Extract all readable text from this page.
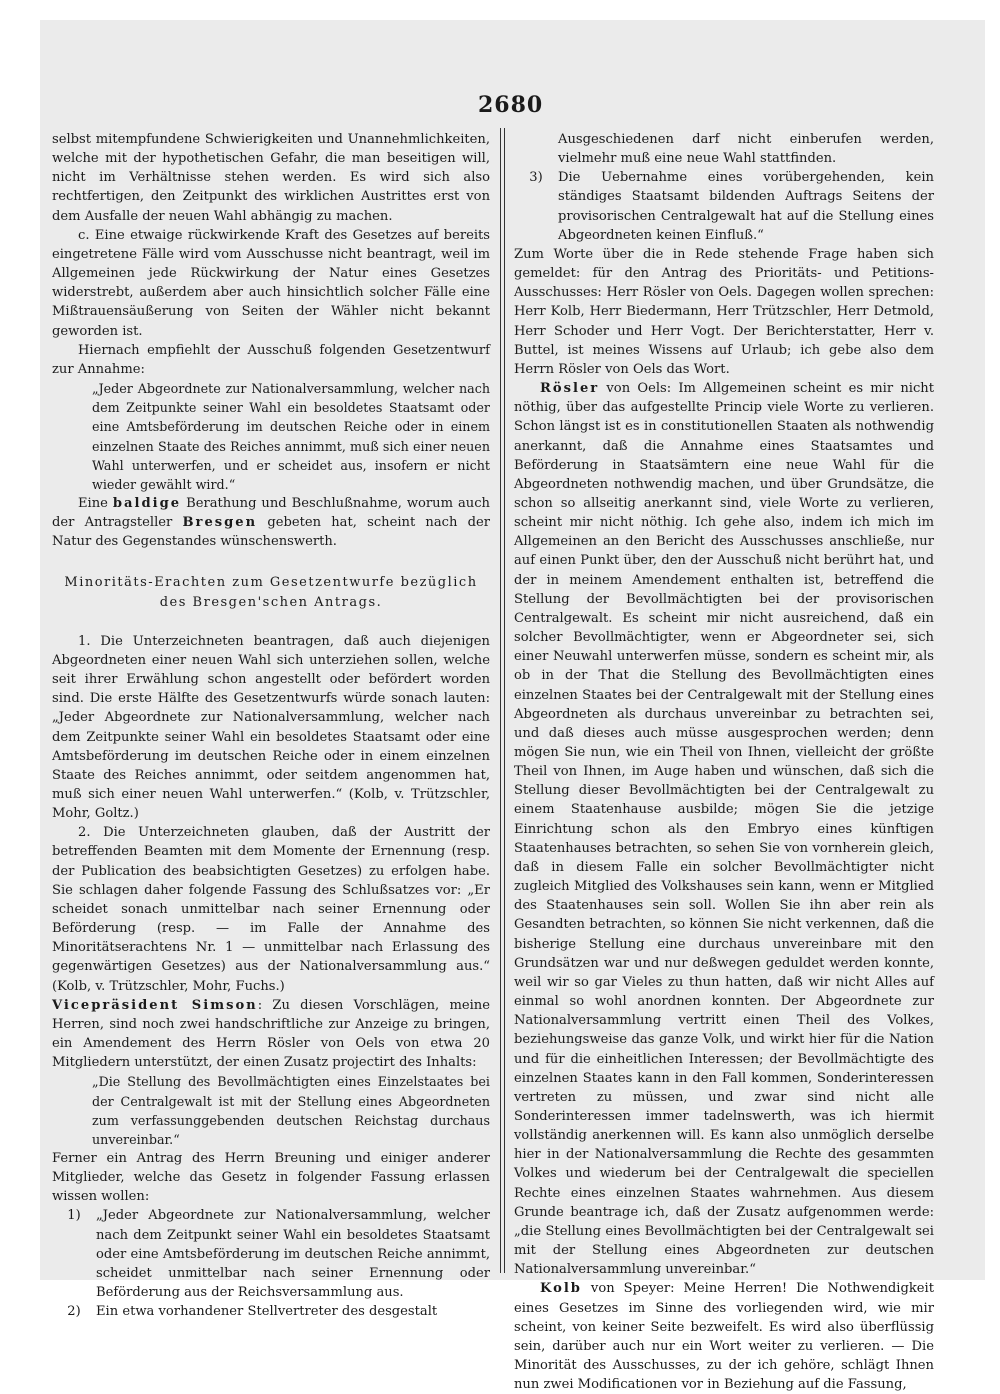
2680

selbst mitempfundene Schwierigkeiten und Unannehmlichkeiten, welche mit der hypothetischen Gefahr, die man beseitigen will, nicht im Verhältnisse stehen werden. Es wird sich also rechtfertigen, den Zeitpunkt des wirklichen Austrittes erst von dem Ausfalle der neuen Wahl abhängig zu machen.

c. Eine etwaige rückwirkende Kraft des Gesetzes auf bereits eingetretene Fälle wird vom Ausschusse nicht beantragt, weil im Allgemeinen jede Rückwirkung der Natur eines Gesetzes widerstrebt, außerdem aber auch hinsichtlich solcher Fälle eine Mißtrauensäußerung von Seiten der Wähler nicht bekannt geworden ist.

Hiernach empfiehlt der Ausschuß folgenden Gesetzentwurf zur Annahme:

„Jeder Abgeordnete zur Nationalversammlung, welcher nach dem Zeitpunkte seiner Wahl ein besoldetes Staatsamt oder eine Amtsbeförderung im deutschen Reiche oder in einem einzelnen Staate des Reiches annimmt, muß sich einer neuen Wahl unterwerfen, und er scheidet aus, insofern er nicht wieder gewählt wird.“

Eine baldige Berathung und Beschlußnahme, worum auch der Antragsteller Bresgen gebeten hat, scheint nach der Natur des Gegenstandes wünschenswerth.

Minoritäts-Erachten zum Gesetzentwurfe bezüglich des Bresgen'schen Antrags.

1. Die Unterzeichneten beantragen, daß auch diejenigen Abgeordneten einer neuen Wahl sich unterziehen sollen, welche seit ihrer Erwählung schon angestellt oder befördert worden sind. Die erste Hälfte des Gesetzentwurfs würde sonach lauten: „Jeder Abgeordnete zur Nationalversammlung, welcher nach dem Zeitpunkte seiner Wahl ein besoldetes Staatsamt oder eine Amtsbeförderung im deutschen Reiche oder in einem einzelnen Staate des Reiches annimmt, oder seitdem angenommen hat, muß sich einer neuen Wahl unterwerfen.“ (Kolb, v. Trützschler, Mohr, Goltz.)

2. Die Unterzeichneten glauben, daß der Austritt der betreffenden Beamten mit dem Momente der Ernennung (resp. der Publication des beabsichtigten Gesetzes) zu erfolgen habe. Sie schlagen daher folgende Fassung des Schlußsatzes vor: „Er scheidet sonach unmittelbar nach seiner Ernennung oder Beförderung (resp. — im Falle der Annahme des Minoritätserachtens Nr. 1 — unmittelbar nach Erlassung des gegenwärtigen Gesetzes) aus der Nationalversammlung aus.“ (Kolb, v. Trützschler, Mohr, Fuchs.)

Vicepräsident Simson: Zu diesen Vorschlägen, meine Herren, sind noch zwei handschriftliche zur Anzeige zu bringen, ein Amendement des Herrn Rösler von Oels von etwa 20 Mitgliedern unterstützt, der einen Zusatz projectirt des Inhalts:

„Die Stellung des Bevollmächtigten eines Einzelstaates bei der Centralgewalt ist mit der Stellung eines Abgeordneten zum verfassunggebenden deutschen Reichstag durchaus unvereinbar.“

Ferner ein Antrag des Herrn Breuning und einiger anderer Mitglieder, welche das Gesetz in folgender Fassung erlassen wissen wollen:

1)	„Jeder Abgeordnete zur Nationalversammlung, welcher nach dem Zeitpunkt seiner Wahl ein besoldetes Staatsamt oder eine Amtsbeförderung im deutschen Reiche annimmt, scheidet unmittelbar nach seiner Ernennung oder Beförderung aus der Reichsversammlung aus.
2)	Ein etwa vorhandener Stellvertreter des desgestalt

Ausgeschiedenen darf nicht einberufen werden, vielmehr muß eine neue Wahl stattfinden.

3)	Die Uebernahme eines vorübergehenden, kein ständiges Staatsamt bildenden Auftrags Seitens der provisorischen Centralgewalt hat auf die Stellung eines Abgeordneten keinen Einfluß.“

Zum Worte über die in Rede stehende Frage haben sich gemeldet: für den Antrag des Prioritäts- und Petitions-Ausschusses: Herr Rösler von Oels. Dagegen wollen sprechen: Herr Kolb, Herr Biedermann, Herr Trützschler, Herr Detmold, Herr Schoder und Herr Vogt. Der Berichterstatter, Herr v. Buttel, ist meines Wissens auf Urlaub; ich gebe also dem Herrn Rösler von Oels das Wort.

Rösler von Oels: Im Allgemeinen scheint es mir nicht nöthig, über das aufgestellte Princip viele Worte zu verlieren. Schon längst ist es in constitutionellen Staaten als nothwendig anerkannt, daß die Annahme eines Staatsamtes und Beförderung in Staatsämtern eine neue Wahl für die Abgeordneten nothwendig machen, und über Grundsätze, die schon so allseitig anerkannt sind, viele Worte zu verlieren, scheint mir nicht nöthig. Ich gehe also, indem ich mich im Allgemeinen an den Bericht des Ausschusses anschließe, nur auf einen Punkt über, den der Ausschuß nicht berührt hat, und der in meinem Amendement enthalten ist, betreffend die Stellung der Bevollmächtigten bei der provisorischen Centralgewalt. Es scheint mir nicht ausreichend, daß ein solcher Bevollmächtigter, wenn er Abgeordneter sei, sich einer Neuwahl unterwerfen müsse, sondern es scheint mir, als ob in der That die Stellung des Bevollmächtigten eines einzelnen Staates bei der Centralgewalt mit der Stellung eines Abgeordneten als durchaus unvereinbar zu betrachten sei, und daß dieses auch müsse ausgesprochen werden; denn mögen Sie nun, wie ein Theil von Ihnen, vielleicht der größte Theil von Ihnen, im Auge haben und wünschen, daß sich die Stellung dieser Bevollmächtigten bei der Centralgewalt zu einem Staatenhause ausbilde; mögen Sie die jetzige Einrichtung schon als den Embryo eines künftigen Staatenhauses betrachten, so sehen Sie von vornherein gleich, daß in diesem Falle ein solcher Bevollmächtigter nicht zugleich Mitglied des Volkshauses sein kann, wenn er Mitglied des Staatenhauses sein soll. Wollen Sie ihn aber rein als Gesandten betrachten, so können Sie nicht verkennen, daß die bisherige Stellung eine durchaus unvereinbare mit den Grundsätzen war und nur deßwegen geduldet werden konnte, weil wir so gar Vieles zu thun hatten, daß wir nicht Alles auf einmal so wohl anordnen konnten. Der Abgeordnete zur Nationalversammlung vertritt einen Theil des Volkes, beziehungsweise das ganze Volk, und wirkt hier für die Nation und für die einheitlichen Interessen; der Bevollmächtigte des einzelnen Staates kann in den Fall kommen, Sonderinteressen vertreten zu müssen, und zwar sind nicht alle Sonderinteressen immer tadelnswerth, was ich hiermit vollständig anerkennen will. Es kann also unmöglich derselbe hier in der Nationalversammlung die Rechte des gesammten Volkes und wiederum bei der Centralgewalt die speciellen Rechte eines einzelnen Staates wahrnehmen. Aus diesem Grunde beantrage ich, daß der Zusatz aufgenommen werde: „die Stellung eines Bevollmächtigten bei der Centralgewalt sei mit der Stellung eines Abgeordneten zur deutschen Nationalversammlung unvereinbar.“

Kolb von Speyer: Meine Herren! Die Nothwendigkeit eines Gesetzes im Sinne des vorliegenden wird, wie mir scheint, von keiner Seite bezweifelt. Es wird also überflüssig sein, darüber auch nur ein Wort weiter zu verlieren. — Die Minorität des Ausschusses, zu der ich gehöre, schlägt Ihnen nun zwei Modificationen vor in Beziehung auf die Fassung,
